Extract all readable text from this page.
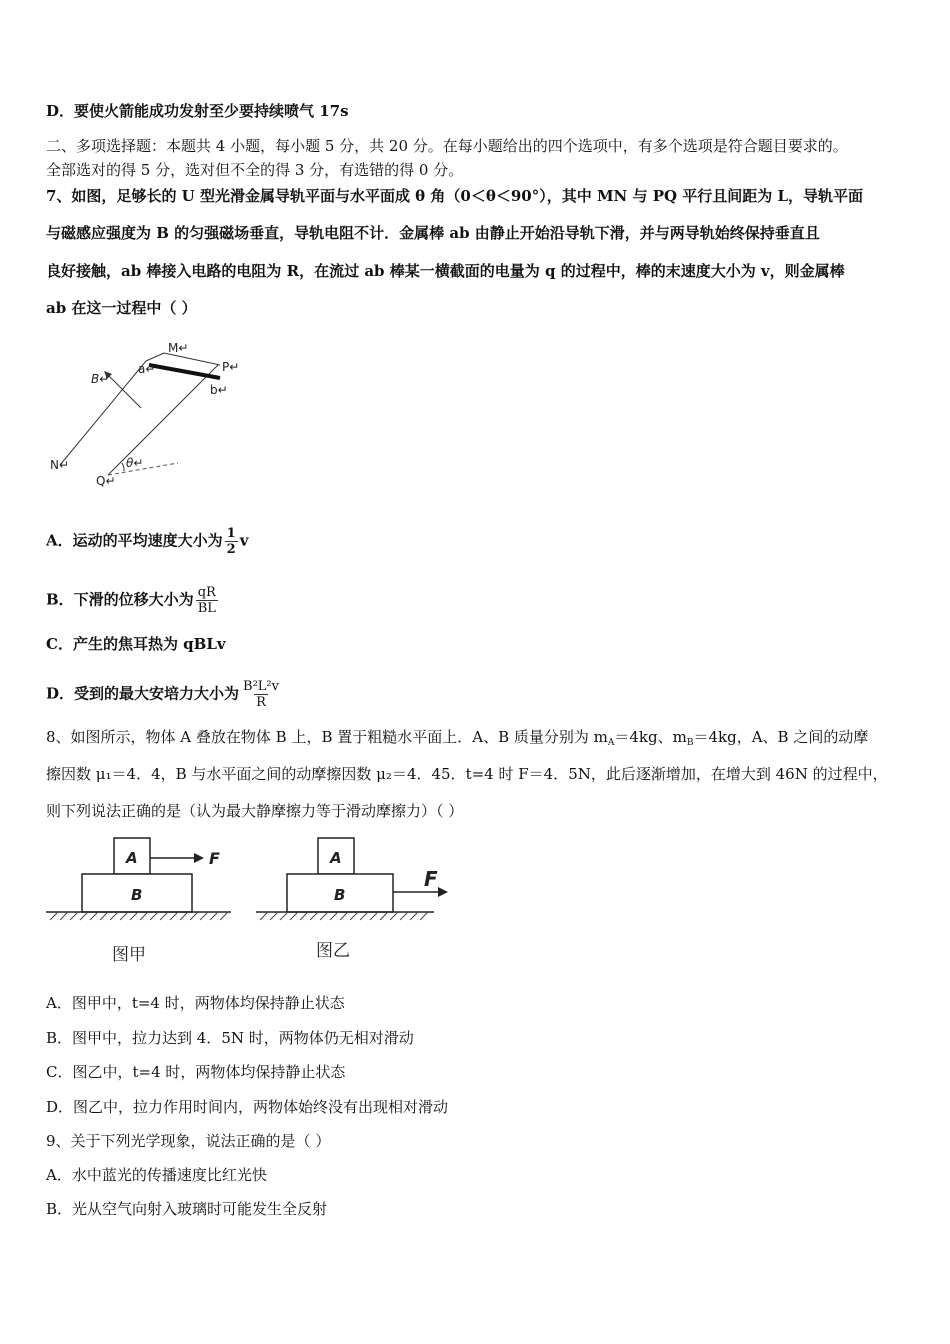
D．要使火箭能成功发射至少要持续喷气 17s
二、多项选择题：本题共 4 小题，每小题 5 分，共 20 分。在每小题给出的四个选项中，有多个选项是符合题目要求的。
全部选对的得 5 分，选对但不全的得 3 分，有选错的得 0 分。
7、如图，足够长的 U 型光滑金属导轨平面与水平面成 θ 角（0＜θ＜90°），其中 MN 与 PQ 平行且间距为 L，导轨平面
与磁感应强度为 B 的匀强磁场垂直，导轨电阻不计．金属棒 ab 由静止开始沿导轨下滑，并与两导轨始终保持垂直且
良好接触，ab 棒接入电路的电阻为 R，在流过 ab 棒某一横截面的电量为 q 的过程中，棒的末速度大小为 v，则金属棒
ab 在这一过程中（ ）
M↵
P↵
a↵
b↵
B↵
N↵
Q↵
θ↵
A．运动的平均速度大小为 $\frac{1}{2}$ v
B．下滑的位移大小为 $\frac{qR}{BL}$
C．产生的焦耳热为 qBLv
D．受到的最大安培力大小为 $\frac{\text{B²L²v}}{R}$
8、如图所示，物体 A 叠放在物体 B 上，B 置于粗糙水平面上．A、B 质量分别为 $m_A=4kg$、$m_B=4kg$，A、B 之间的动摩
擦因数 μ₁＝4．4，B 与水平面之间的动摩擦因数 μ₂＝4．45．t=4 时 F＝4．5N，此后逐渐增加，在增大到 46N 的过程中，
则下列说法正确的是（认为最大静摩擦力等于滑动摩擦力）（ ）
A
B
F
图甲
A
B
F
图乙
A．图甲中，t=4 时，两物体均保持静止状态
B．图甲中，拉力达到 4．5N 时，两物体仍无相对滑动
C．图乙中，t=4 时，两物体均保持静止状态
D．图乙中，拉力作用时间内，两物体始终没有出现相对滑动
9、关于下列光学现象，说法正确的是（ ）
A．水中蓝光的传播速度比红光快
B．光从空气向射入玻璃时可能发生全反射
